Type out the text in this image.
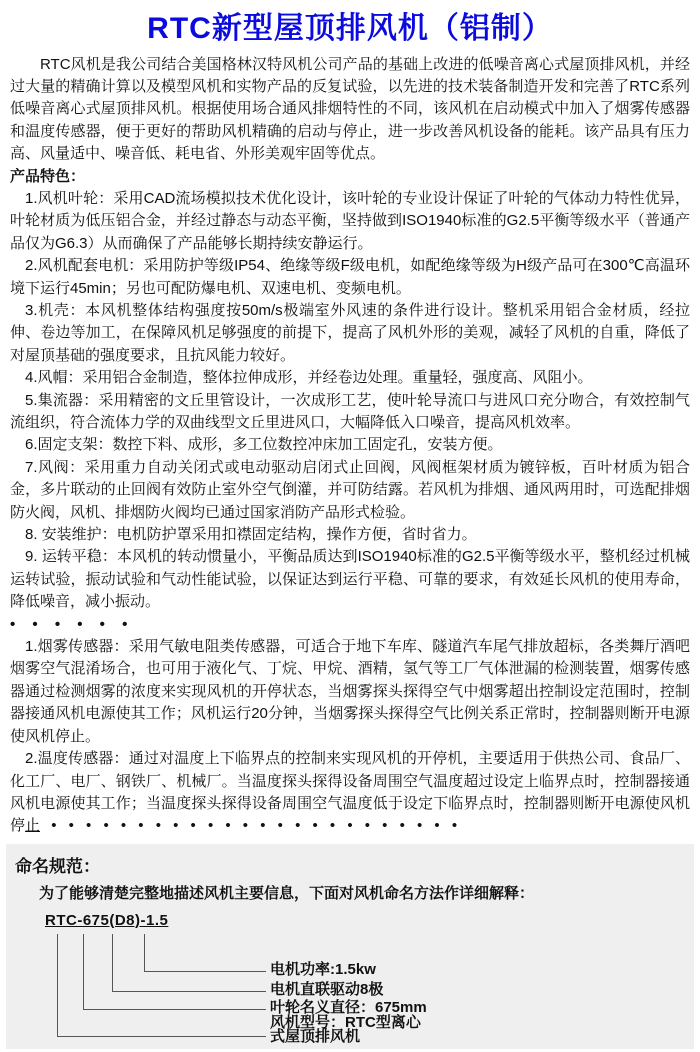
RTC新型屋顶排风机（铝制）

RTC风机是我公司结合美国格林汉特风机公司产品的基础上改进的低噪音离心式屋顶排风机，并经过大量的精确计算以及模型风机和实物产品的反复试验，以先进的技术装备制造开发和完善了RTC系列低噪音离心式屋顶排风机。根据使用场合通风排烟特性的不同，该风机在启动模式中加入了烟雾传感器和温度传感器，便于更好的帮助风机精确的启动与停止，进一步改善风机设备的能耗。该产品具有压力高、风量适中、噪音低、耗电省、外形美观牢固等优点。

产品特色：

1.风机叶轮：采用CAD流场模拟技术优化设计，该叶轮的专业设计保证了叶轮的气体动力特性优异，叶轮材质为低压铝合金，并经过静态与动态平衡，坚持做到ISO1940标准的G2.5平衡等级水平（普通产品仅为G6.3）从而确保了产品能够长期持续安静运行。

2.风机配套电机：采用防护等级IP54、绝缘等级F级电机，如配绝缘等级为H级产品可在300℃高温环境下运行45min；另也可配防爆电机、双速电机、变频电机。

3.机壳：本风机整体结构强度按50m/s极端室外风速的条件进行设计。整机采用铝合金材质，经拉伸、卷边等加工，在保障风机足够强度的前提下，提高了风机外形的美观，减轻了风机的自重，降低了对屋顶基础的强度要求，且抗风能力较好。

4.风帽：采用铝合金制造，整体拉伸成形，并经卷边处理。重量轻，强度高、风阻小。

5.集流器：采用精密的文丘里管设计，一次成形工艺，使叶轮导流口与进风口充分吻合，有效控制气流组织，符合流体力学的双曲线型文丘里进风口，大幅降低入口噪音，提高风机效率。

6.固定支架：数控下料、成形，多工位数控冲床加工固定孔，安装方便。

7.风阀：采用重力自动关闭式或电动驱动启闭式止回阀，风阀框架材质为镀锌板，百叶材质为铝合金，多片联动的止回阀有效防止室外空气倒灌，并可防结露。若风机为排烟、通风两用时，可选配排烟防火阀，风机、排烟防火阀均已通过国家消防产品形式检验。

8. 安装维护：电机防护罩采用扣襟固定结构，操作方便，省时省力。

9. 运转平稳：本风机的转动惯量小，平衡品质达到ISO1940标准的G2.5平衡等级水平，整机经过机械运转试验，振动试验和气动性能试验，以保证达到运行平稳、可靠的要求，有效延长风机的使用寿命，降低噪音，减小振动。

• • • • • •

1.烟雾传感器：采用气敏电阻类传感器，可适合于地下车库、隧道汽车尾气排放超标，各类舞厅酒吧烟雾空气混淆场合，也可用于液化气、丁烷、甲烷、酒精，氢气等工厂气体泄漏的检测装置，烟雾传感器通过检测烟雾的浓度来实现风机的开停状态，当烟雾探头探得空气中烟雾超出控制设定范围时，控制器接通风机电源使其工作；风机运行20分钟，当烟雾探头探得空气比例关系正常时，控制器则断开电源使风机停止。

2.温度传感器：通过对温度上下临界点的控制来实现风机的开停机，主要适用于供热公司、食品厂、化工厂、电厂、钢铁厂、机械厂。当温度探头探得设备周围空气温度超过设定上临界点时，控制器接通风机电源使其工作；当温度探头探得设备周围空气温度低于设定下临界点时，控制器则断开电源使风机停止 • • • • • • • • • • • • • • • • • • • • • • • •

命名规范：

为了能够清楚完整地描述风机主要信息，下面对风机命名方法作详细解释：

RTC-675(D8)-1.5
电机功率:1.5kw
电机直联驱动8极
叶轮名义直径：675mm
风机型号：RTC型离心
式屋顶排风机
